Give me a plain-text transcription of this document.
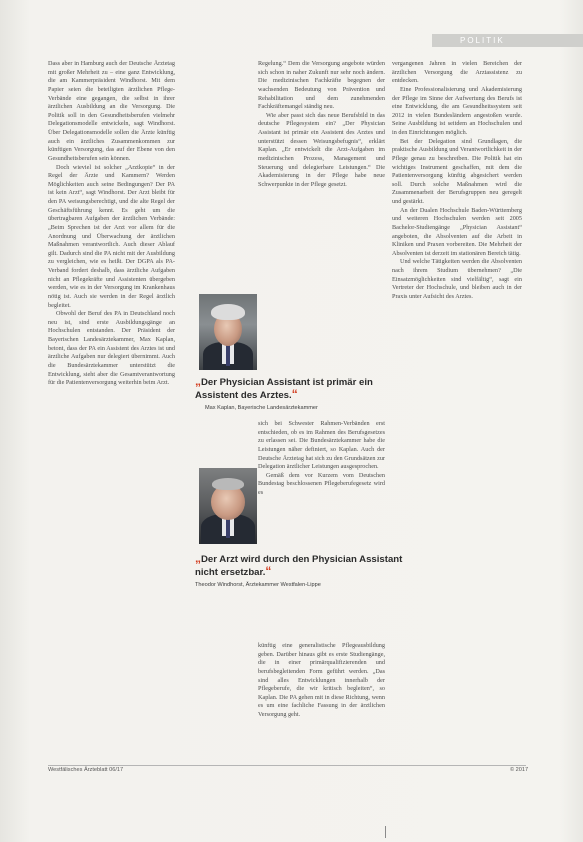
POLITIK

Dass aber in Hamburg auch der Deutsche Ärztetag mit großer Mehrheit zu – eine ganz Entwicklung, die am Kammerpräsident Windhorst. Mit dem Papier seien die beteiligten ärztlichen Pflege-Verbände eine gegangen, die selbst in ihrer ärztlichen Ausbildung an die Versorgung. Die Politik soll in den Gesundheitsberufen vielmehr Delegationsmodelle entwickeln, sagt Windhorst. Über Delegationsmodelle sollen die Ärzte künftig auch ein ärztliches Zusammenkommen zur künftigen Versorgung, das auf der Ebene von den Gesundheitsberufen sein können.

Doch wieviel ist solcher „Arztkopie“ in der Regel der Ärzte und Kammern? Werden Möglichkeiten auch seine Bedingungen? Der PA ist kein Arzt“, sagt Windhorst. Der Arzt bleibt für den PA weisungsberechtigt, und die alte Regel der Geschäftsführung kennt. Es geht um die übertragbaren Aufgaben der ärztlichen Verbände: „Beim Sprechen ist der Arzt vor allem für die Anordnung und Überwachung der ärztlichen Maßnahmen verantwortlich. Auch dieser Ablauf gilt. Dadurch sind die PA nicht mit der Ausbildung zu vergleichen, wie es heißt. Der DGPA als PA-Verband fordert deshalb, dass ärztliche Aufgaben nicht an Pflegekräfte und Assistenten übergeben werden, wie es in der Versorgung im Krankenhaus nötig ist. Auch sie werden in der Regel ärztlich begleitet.

Obwohl der Beruf des PA in Deutschland noch neu ist, sind erste Ausbildungsgänge an Hochschulen entstanden. Der Präsident der Bayerischen Landesärztekammer, Max Kaplan, betont, dass der PA ein Assistent des Arztes ist und ärztliche Aufgaben nur delegiert übernimmt. Auch die Bundesärztekammer unterstützt die Entwicklung, sieht aber die Gesamtverantwortung für die Patientenversorgung weiterhin beim Arzt.

Regelung.“ Dem die Versorgung angebote würden sich schon in naher Zukunft nur sehr noch ändern. Die medizinischen Fachkräfte begegnen der wachsenden Bedeutung von Prävention und Rehabilitation und dem zunehmenden Fachkräftemangel ständig neu.

Wie aber passt sich das neue Berufsbild in das deutsche Pflegesystem ein? „Der Physician Assistant ist primär ein Assistent des Arztes und unterstützt dessen Weisungsbefugnis“, erklärt Kaplan. „Er entwickelt die Arzt-Aufgaben im medizinischen Prozess, Management und Steuerung und delegierbare Leistungen.“ Die Akademisierung in der Pflege habe neue Schwerpunkte in der Pflege gesetzt.

„Der Physician Assistant ist primär ein Assistent des Arztes.“
Max Kaplan, Bayerische Landesärztekammer

sich bei Schwester Rahmen-Verbänden erst entschieden, ob es im Rahmen des Berufsgesetzes zu erlassen sei. Die Bundesärztekammer habe die Leistungen näher definiert, so Kaplan. Auch der Deutsche Ärztetag hat sich zu den Grundsätzen zur Delegation ärztlicher Leistungen ausgesprochen.

Gemäß dem vor Kurzem vom Deutschen Bundestag beschlossenen Pflegeberufegesetz wird es

„Der Arzt wird durch den Physician Assistant nicht ersetzbar.“
Theodor Windhorst, Ärztekammer Westfalen-Lippe

künftig eine generalistische Pflegeausbildung geben. Darüber hinaus gibt es erste Studiengänge, die in einer primärqualifizierenden und berufsbegleitenden Form geführt werden. „Das sind alles Entwicklungen innerhalb der Pflegeberufe, die wir kritisch begleiten“, so Kaplan. Die PA gehen mit in diese Richtung, wenn es um eine fachliche Fassung in der ärztlichen Versorgung geht.

vergangenen Jahren in vielen Bereichen der ärztlichen Versorgung die Arztassistenz zu entdecken.

Eine Professionalisierung und Akademisierung der Pflege im Sinne der Aufwertung des Berufs ist eine Entwicklung, die am Gesundheitssystem seit 2012 in vielen Bundesländern angestoßen wurde. Seine Ausbildung ist seitdem an Hochschulen und in den Einrichtungen möglich.

Bei der Delegation sind Grundlagen, die praktische Ausbildung und Verantwortlichkeit in der Pflege genau zu beschreiben. Die Politik hat ein wichtiges Instrument geschaffen, mit dem die Patientenversorgung künftig abgesichert werden soll. Durch solche Maßnahmen wird die Zusammenarbeit der Berufsgruppen neu geregelt und gestärkt.

An der Dualen Hochschule Baden-Württemberg und weiteren Hochschulen werden seit 2005 Bachelor-Studiengänge „Physician Assistant“ angeboten, die Absolventen auf die Arbeit in Kliniken und Praxen vorbereiten. Die Mehrheit der Absolventen ist derzeit im stationären Bereich tätig.

Und welche Tätigkeiten werden die Absolventen nach ihrem Studium übernehmen? „Die Einsatzmöglichkeiten sind vielfältig“, sagt ein Vertreter der Hochschule, und bleiben auch in der Praxis unter Aufsicht des Arztes.

Westfälisches Ärzteblatt 06/17	© 2017
